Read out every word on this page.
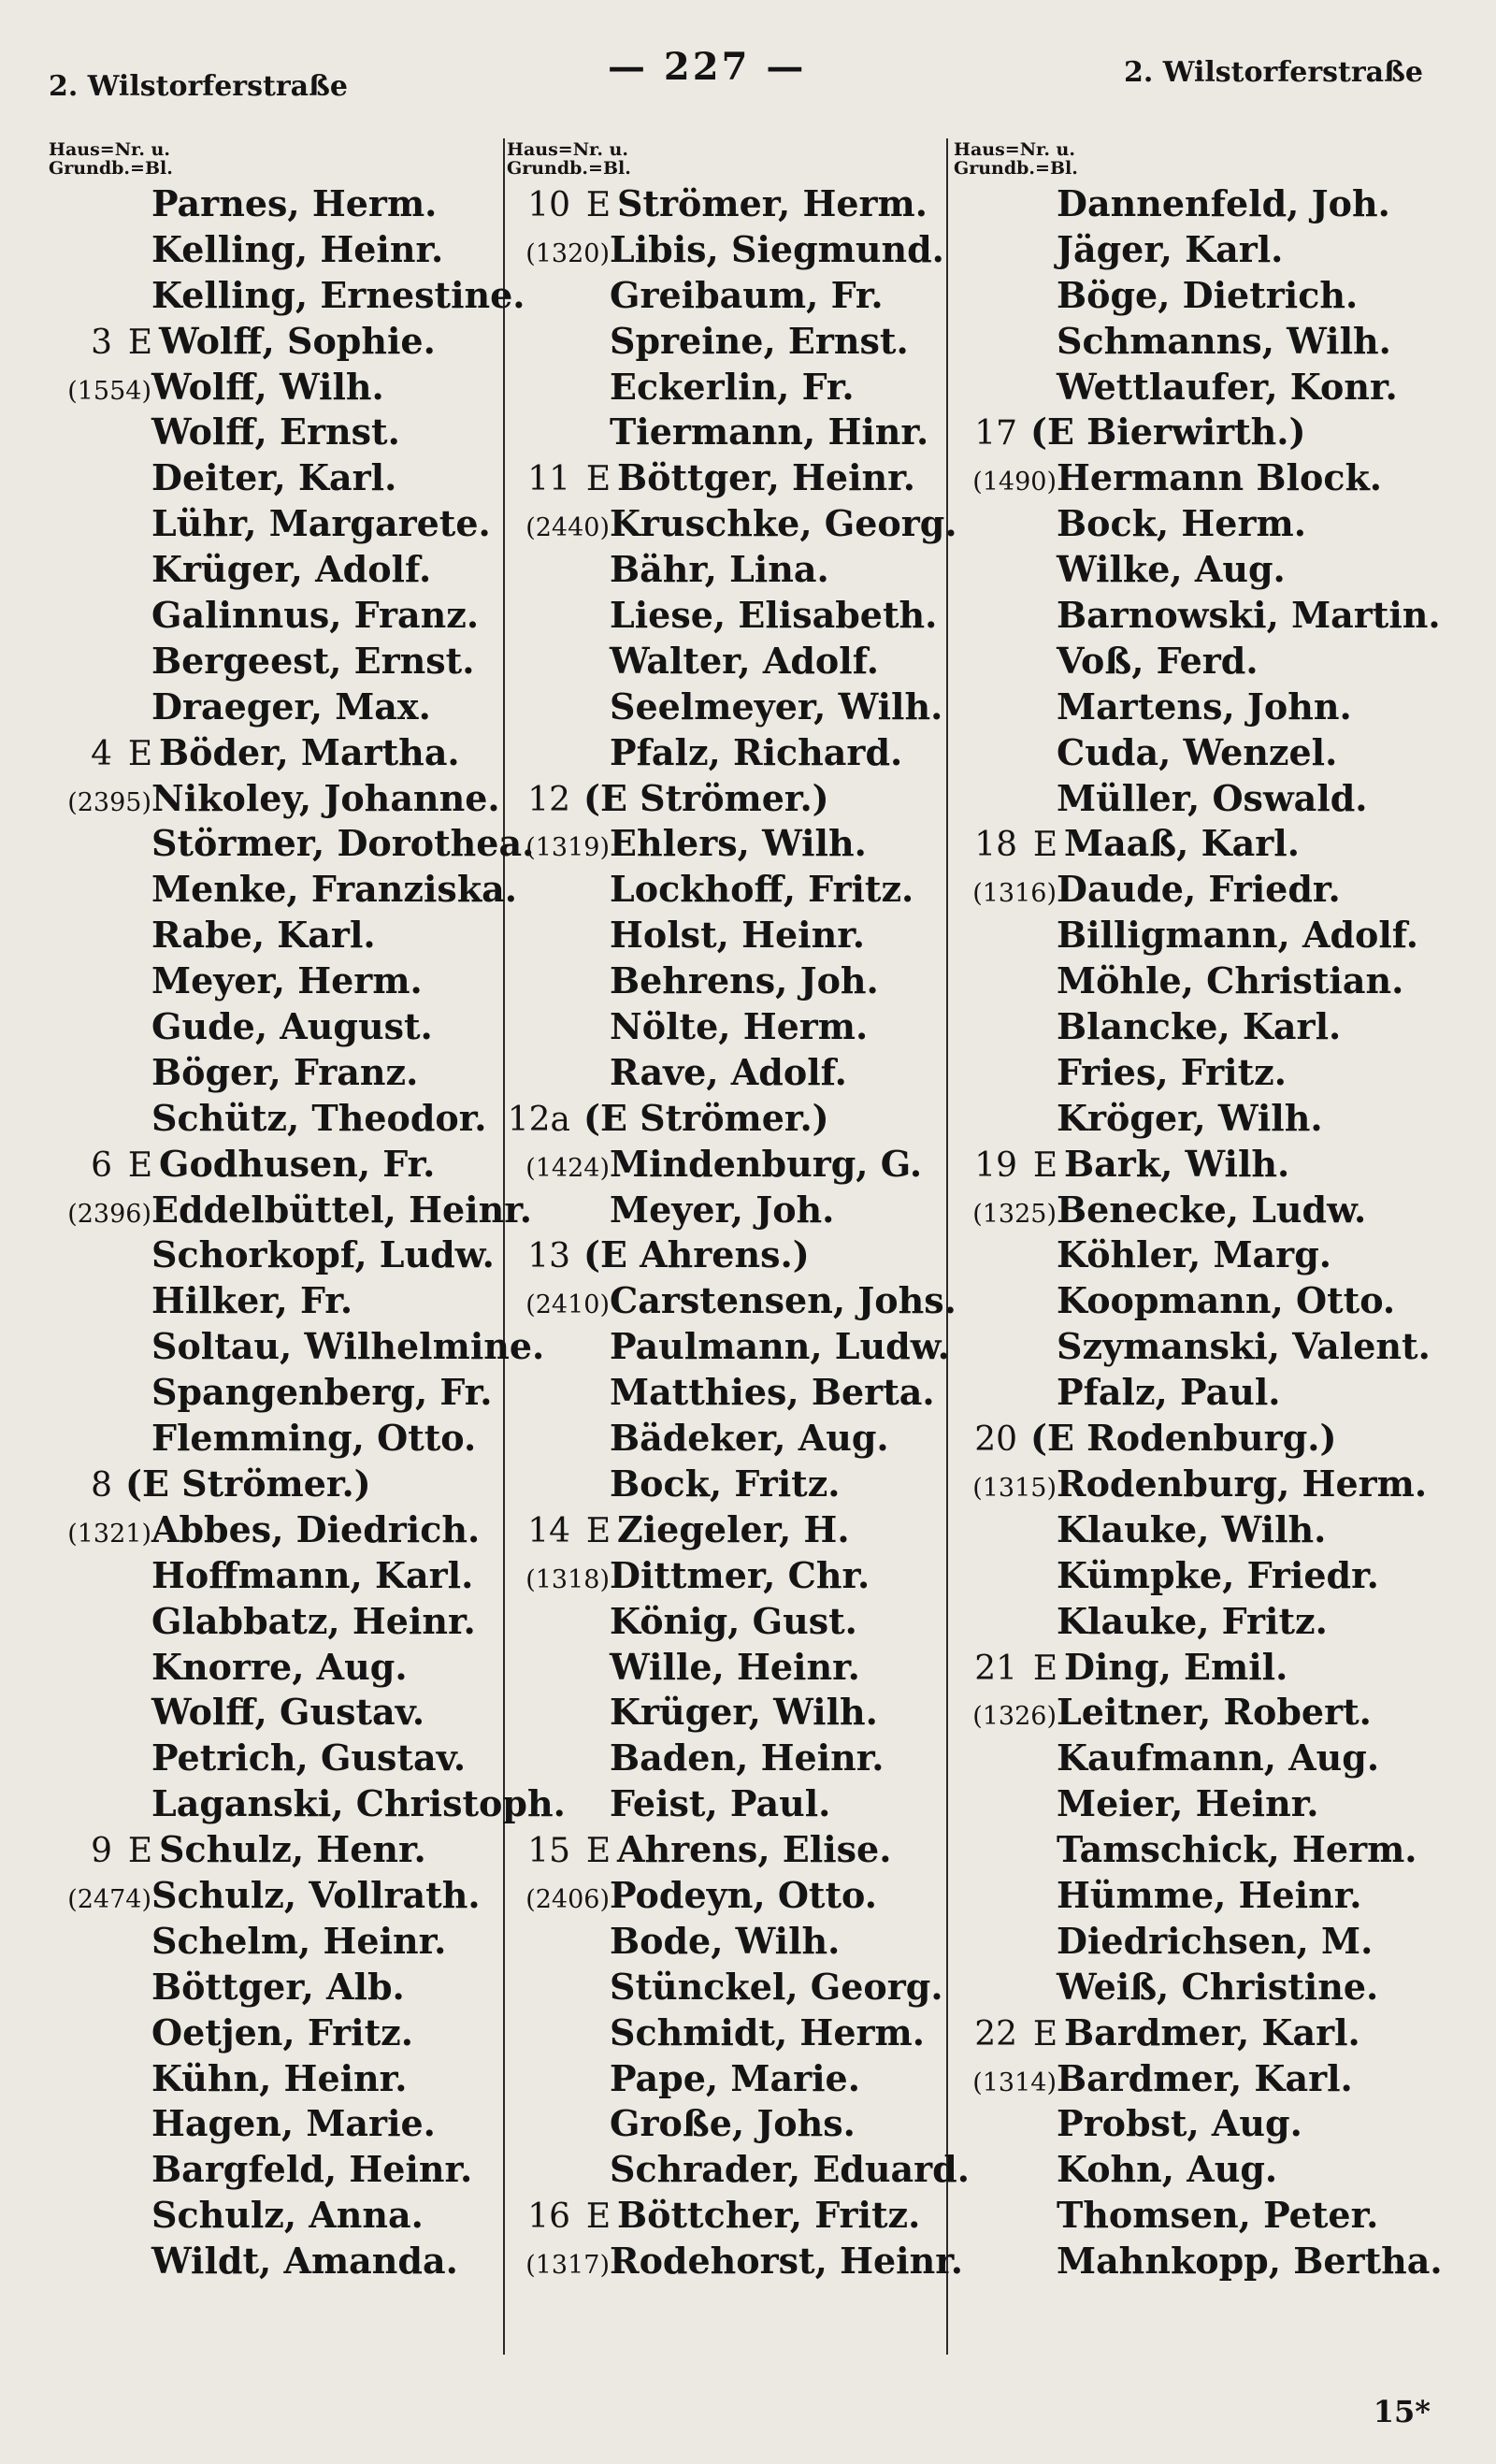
2. Wilstorferstraße	— 227 —	2. Wilstorferstraße
Haus=Nr. u.
Grundb.=Bl.
Parnes, Herm.
Kelling, Heinr.
Kelling, Ernestine.
3 E Wolff, Sophie.
(1554)Wolff, Wilh.
Wolff, Ernst.
Deiter, Karl.
Lühr, Margarete.
Krüger, Adolf.
Galinnus, Franz.
Bergeest, Ernst.
Draeger, Max.
4 E Böder, Martha.
(2395)Nikoley, Johanne.
Störmer, Dorothea.
Menke, Franziska.
Rabe, Karl.
Meyer, Herm.
Gude, August.
Böger, Franz.
Schütz, Theodor.
6 E Godhusen, Fr.
(2396)Eddelbüttel, Heinr.
Schorkopf, Ludw.
Hilker, Fr.
Soltau, Wilhelmine.
Spangenberg, Fr.
Flemming, Otto.
8 (E Strömer.)
(1321)Abbes, Diedrich.
Hoffmann, Karl.
Glabbatz, Heinr.
Knorre, Aug.
Wolff, Gustav.
Petrich, Gustav.
Laganski, Christoph.
9 E Schulz, Henr.
(2474)Schulz, Vollrath.
Schelm, Heinr.
Böttger, Alb.
Oetjen, Fritz.
Kühn, Heinr.
Hagen, Marie.
Bargfeld, Heinr.
Schulz, Anna.
Wildt, Amanda.
Haus=Nr. u.
Grundb.=Bl.
10 E Strömer, Herm.
(1320)Libis, Siegmund.
Greibaum, Fr.
Spreine, Ernst.
Eckerlin, Fr.
Tiermann, Hinr.
11 E Böttger, Heinr.
(2440)Kruschke, Georg.
Bähr, Lina.
Liese, Elisabeth.
Walter, Adolf.
Seelmeyer, Wilh.
Pfalz, Richard.
12 (E Strömer.)
(1319)Ehlers, Wilh.
Lockhoff, Fritz.
Holst, Heinr.
Behrens, Joh.
Nölte, Herm.
Rave, Adolf.
12a (E Strömer.)
(1424)Mindenburg, G.
Meyer, Joh.
13 (E Ahrens.)
(2410)Carstensen, Johs.
Paulmann, Ludw.
Matthies, Berta.
Bädeker, Aug.
Bock, Fritz.
14 E Ziegeler, H.
(1318)Dittmer, Chr.
König, Gust.
Wille, Heinr.
Krüger, Wilh.
Baden, Heinr.
Feist, Paul.
15 E Ahrens, Elise.
(2406)Podeyn, Otto.
Bode, Wilh.
Stünckel, Georg.
Schmidt, Herm.
Pape, Marie.
Große, Johs.
Schrader, Eduard.
16 E Böttcher, Fritz.
(1317)Rodehorst, Heinr.
Haus=Nr. u.
Grundb.=Bl.
Dannenfeld, Joh.
Jäger, Karl.
Böge, Dietrich.
Schmanns, Wilh.
Wettlaufer, Konr.
17 (E Bierwirth.)
(1490)Hermann Block.
Bock, Herm.
Wilke, Aug.
Barnowski, Martin.
Voß, Ferd.
Martens, John.
Cuda, Wenzel.
Müller, Oswald.
18 E Maaß, Karl.
(1316)Daude, Friedr.
Billigmann, Adolf.
Möhle, Christian.
Blancke, Karl.
Fries, Fritz.
Kröger, Wilh.
19 E Bark, Wilh.
(1325)Benecke, Ludw.
Köhler, Marg.
Koopmann, Otto.
Szymanski, Valent.
Pfalz, Paul.
20 (E Rodenburg.)
(1315)Rodenburg, Herm.
Klauke, Wilh.
Kümpke, Friedr.
Klauke, Fritz.
21 E Ding, Emil.
(1326)Leitner, Robert.
Kaufmann, Aug.
Meier, Heinr.
Tamschick, Herm.
Hümme, Heinr.
Diedrichsen, M.
Weiß, Christine.
22 E Bardmer, Karl.
(1314)Bardmer, Karl.
Probst, Aug.
Kohn, Aug.
Thomsen, Peter.
Mahnkopp, Bertha.
15*
